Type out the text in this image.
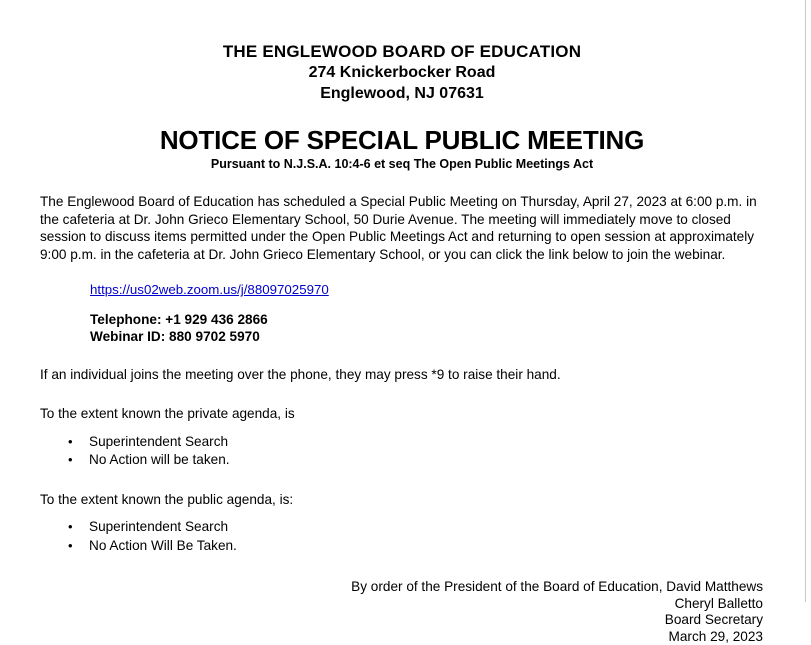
THE ENGLEWOOD BOARD OF EDUCATION
274 Knickerbocker Road
Englewood, NJ 07631
NOTICE OF SPECIAL PUBLIC MEETING
Pursuant to N.J.S.A. 10:4-6 et seq The Open Public Meetings Act
The Englewood Board of Education has scheduled a Special Public Meeting on Thursday, April 27, 2023 at 6:00 p.m. in the cafeteria at Dr. John Grieco Elementary School, 50 Durie Avenue. The meeting will immediately move to closed session to discuss items permitted under the Open Public Meetings Act and returning to open session at approximately 9:00 p.m. in the cafeteria at Dr. John Grieco Elementary School, or you can click the link below to join the webinar.
https://us02web.zoom.us/j/88097025970
Telephone: +1 929 436 2866
Webinar ID: 880 9702 5970
If an individual joins the meeting over the phone, they may press *9 to raise their hand.
To the extent known the private agenda, is
• Superintendent Search
• No Action will be taken.
To the extent known the public agenda, is:
• Superintendent Search
• No Action Will Be Taken.
By order of the President of the Board of Education, David Matthews
Cheryl Balletto
Board Secretary
March 29, 2023
